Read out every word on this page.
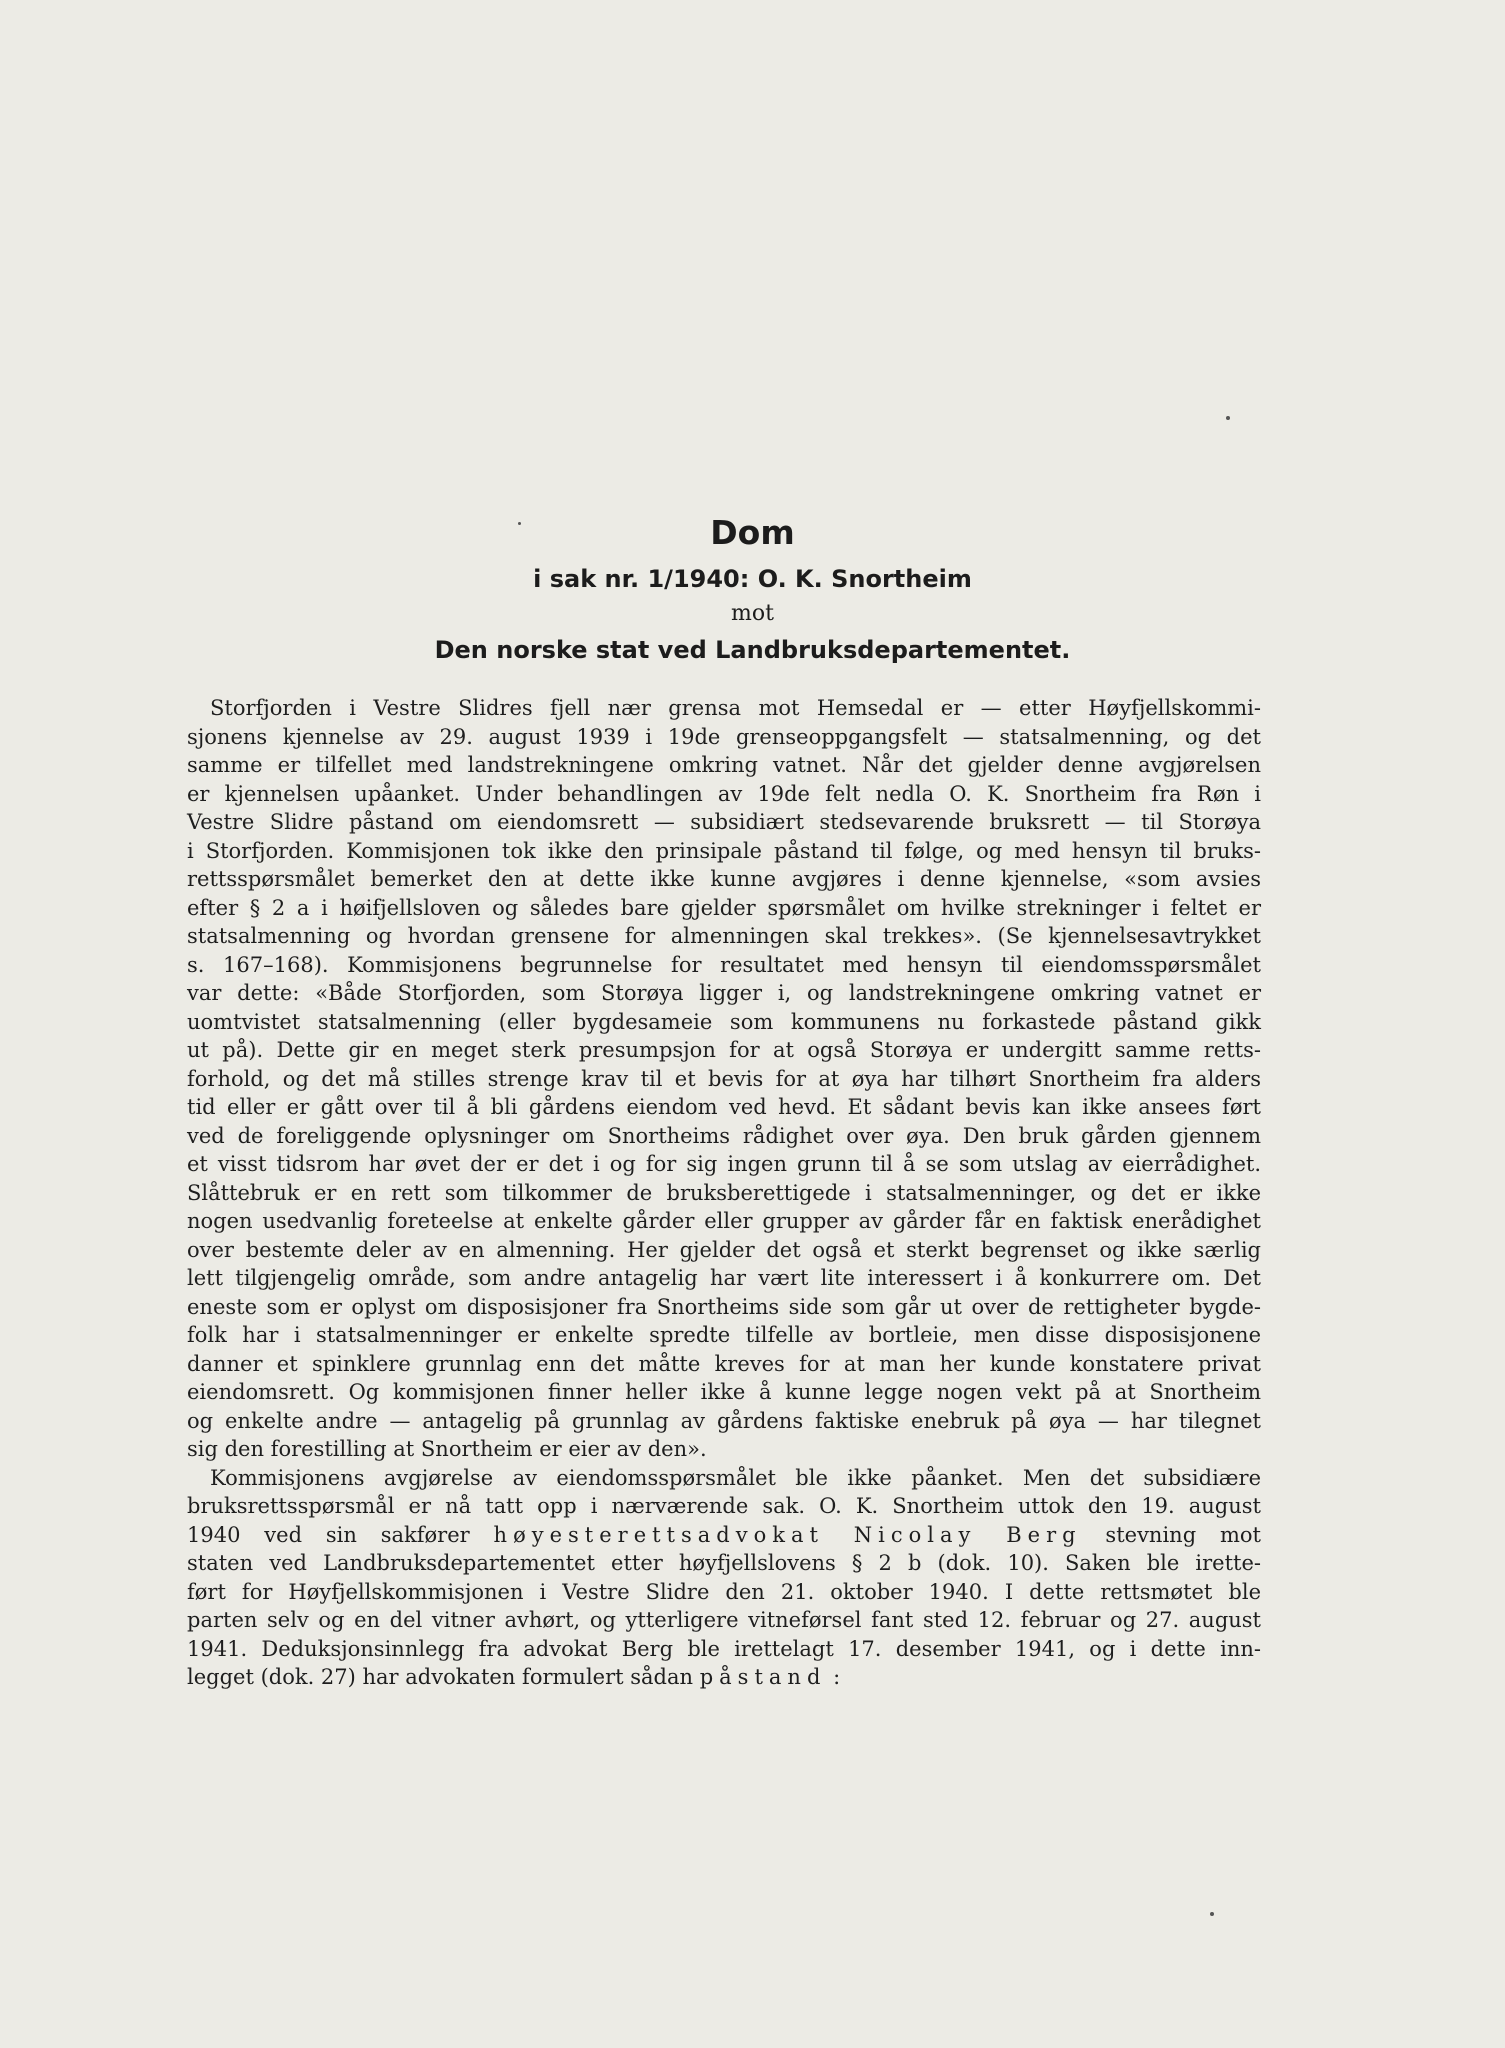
Dom
i sak nr. 1/1940: O. K. Snortheim
mot
Den norske stat ved Landbruksdepartementet.
Storfjorden i Vestre Slidres fjell nær grensa mot Hemsedal er — etter Høyfjellskommi-
sjonens kjennelse av 29. august 1939 i 19de grenseoppgangsfelt — statsalmenning, og det
samme er tilfellet med landstrekningene omkring vatnet. Når det gjelder denne avgjørelsen
er kjennelsen upåanket. Under behandlingen av 19de felt nedla O. K. Snortheim fra Røn i
Vestre Slidre påstand om eiendomsrett — subsidiært stedsevarende bruksrett — til Storøya
i Storfjorden. Kommisjonen tok ikke den prinsipale påstand til følge, og med hensyn til bruks-
rettsspørsmålet bemerket den at dette ikke kunne avgjøres i denne kjennelse, «som avsies
efter § 2 a i høifjellsloven og således bare gjelder spørsmålet om hvilke strekninger i feltet er
statsalmenning og hvordan grensene for almenningen skal trekkes». (Se kjennelsesavtrykket
s. 167–168). Kommisjonens begrunnelse for resultatet med hensyn til eiendomsspørsmålet
var dette: «Både Storfjorden, som Storøya ligger i, og landstrekningene omkring vatnet er
uomtvistet statsalmenning (eller bygdesameie som kommunens nu forkastede påstand gikk
ut på). Dette gir en meget sterk presumpsjon for at også Storøya er undergitt samme retts-
forhold, og det må stilles strenge krav til et bevis for at øya har tilhørt Snortheim fra alders
tid eller er gått over til å bli gårdens eiendom ved hevd. Et sådant bevis kan ikke ansees ført
ved de foreliggende oplysninger om Snortheims rådighet over øya. Den bruk gården gjennem
et visst tidsrom har øvet der er det i og for sig ingen grunn til å se som utslag av eierrådighet.
Slåttebruk er en rett som tilkommer de bruksberettigede i statsalmenninger, og det er ikke
nogen usedvanlig foreteelse at enkelte gårder eller grupper av gårder får en faktisk enerådighet
over bestemte deler av en almenning. Her gjelder det også et sterkt begrenset og ikke særlig
lett tilgjengelig område, som andre antagelig har vært lite interessert i å konkurrere om. Det
eneste som er oplyst om disposisjoner fra Snortheims side som går ut over de rettigheter bygde-
folk har i statsalmenninger er enkelte spredte tilfelle av bortleie, men disse disposisjonene
danner et spinklere grunnlag enn det måtte kreves for at man her kunde konstatere privat
eiendomsrett. Og kommisjonen finner heller ikke å kunne legge nogen vekt på at Snortheim
og enkelte andre — antagelig på grunnlag av gårdens faktiske enebruk på øya — har tilegnet
sig den forestilling at Snortheim er eier av den».
Kommisjonens avgjørelse av eiendomsspørsmålet ble ikke påanket. Men det subsidiære
bruksrettsspørsmål er nå tatt opp i nærværende sak. O. K. Snortheim uttok den 19. august
1940 ved sin sakfører høyesterettsadvokat Nicolay Berg stevning mot
staten ved Landbruksdepartementet etter høyfjellslovens § 2 b (dok. 10). Saken ble irette-
ført for Høyfjellskommisjonen i Vestre Slidre den 21. oktober 1940. I dette rettsmøtet ble
parten selv og en del vitner avhørt, og ytterligere vitneførsel fant sted 12. februar og 27. august
1941. Deduksjonsinnlegg fra advokat Berg ble irettelagt 17. desember 1941, og i dette inn-
legget (dok. 27) har advokaten formulert sådan påstand :
